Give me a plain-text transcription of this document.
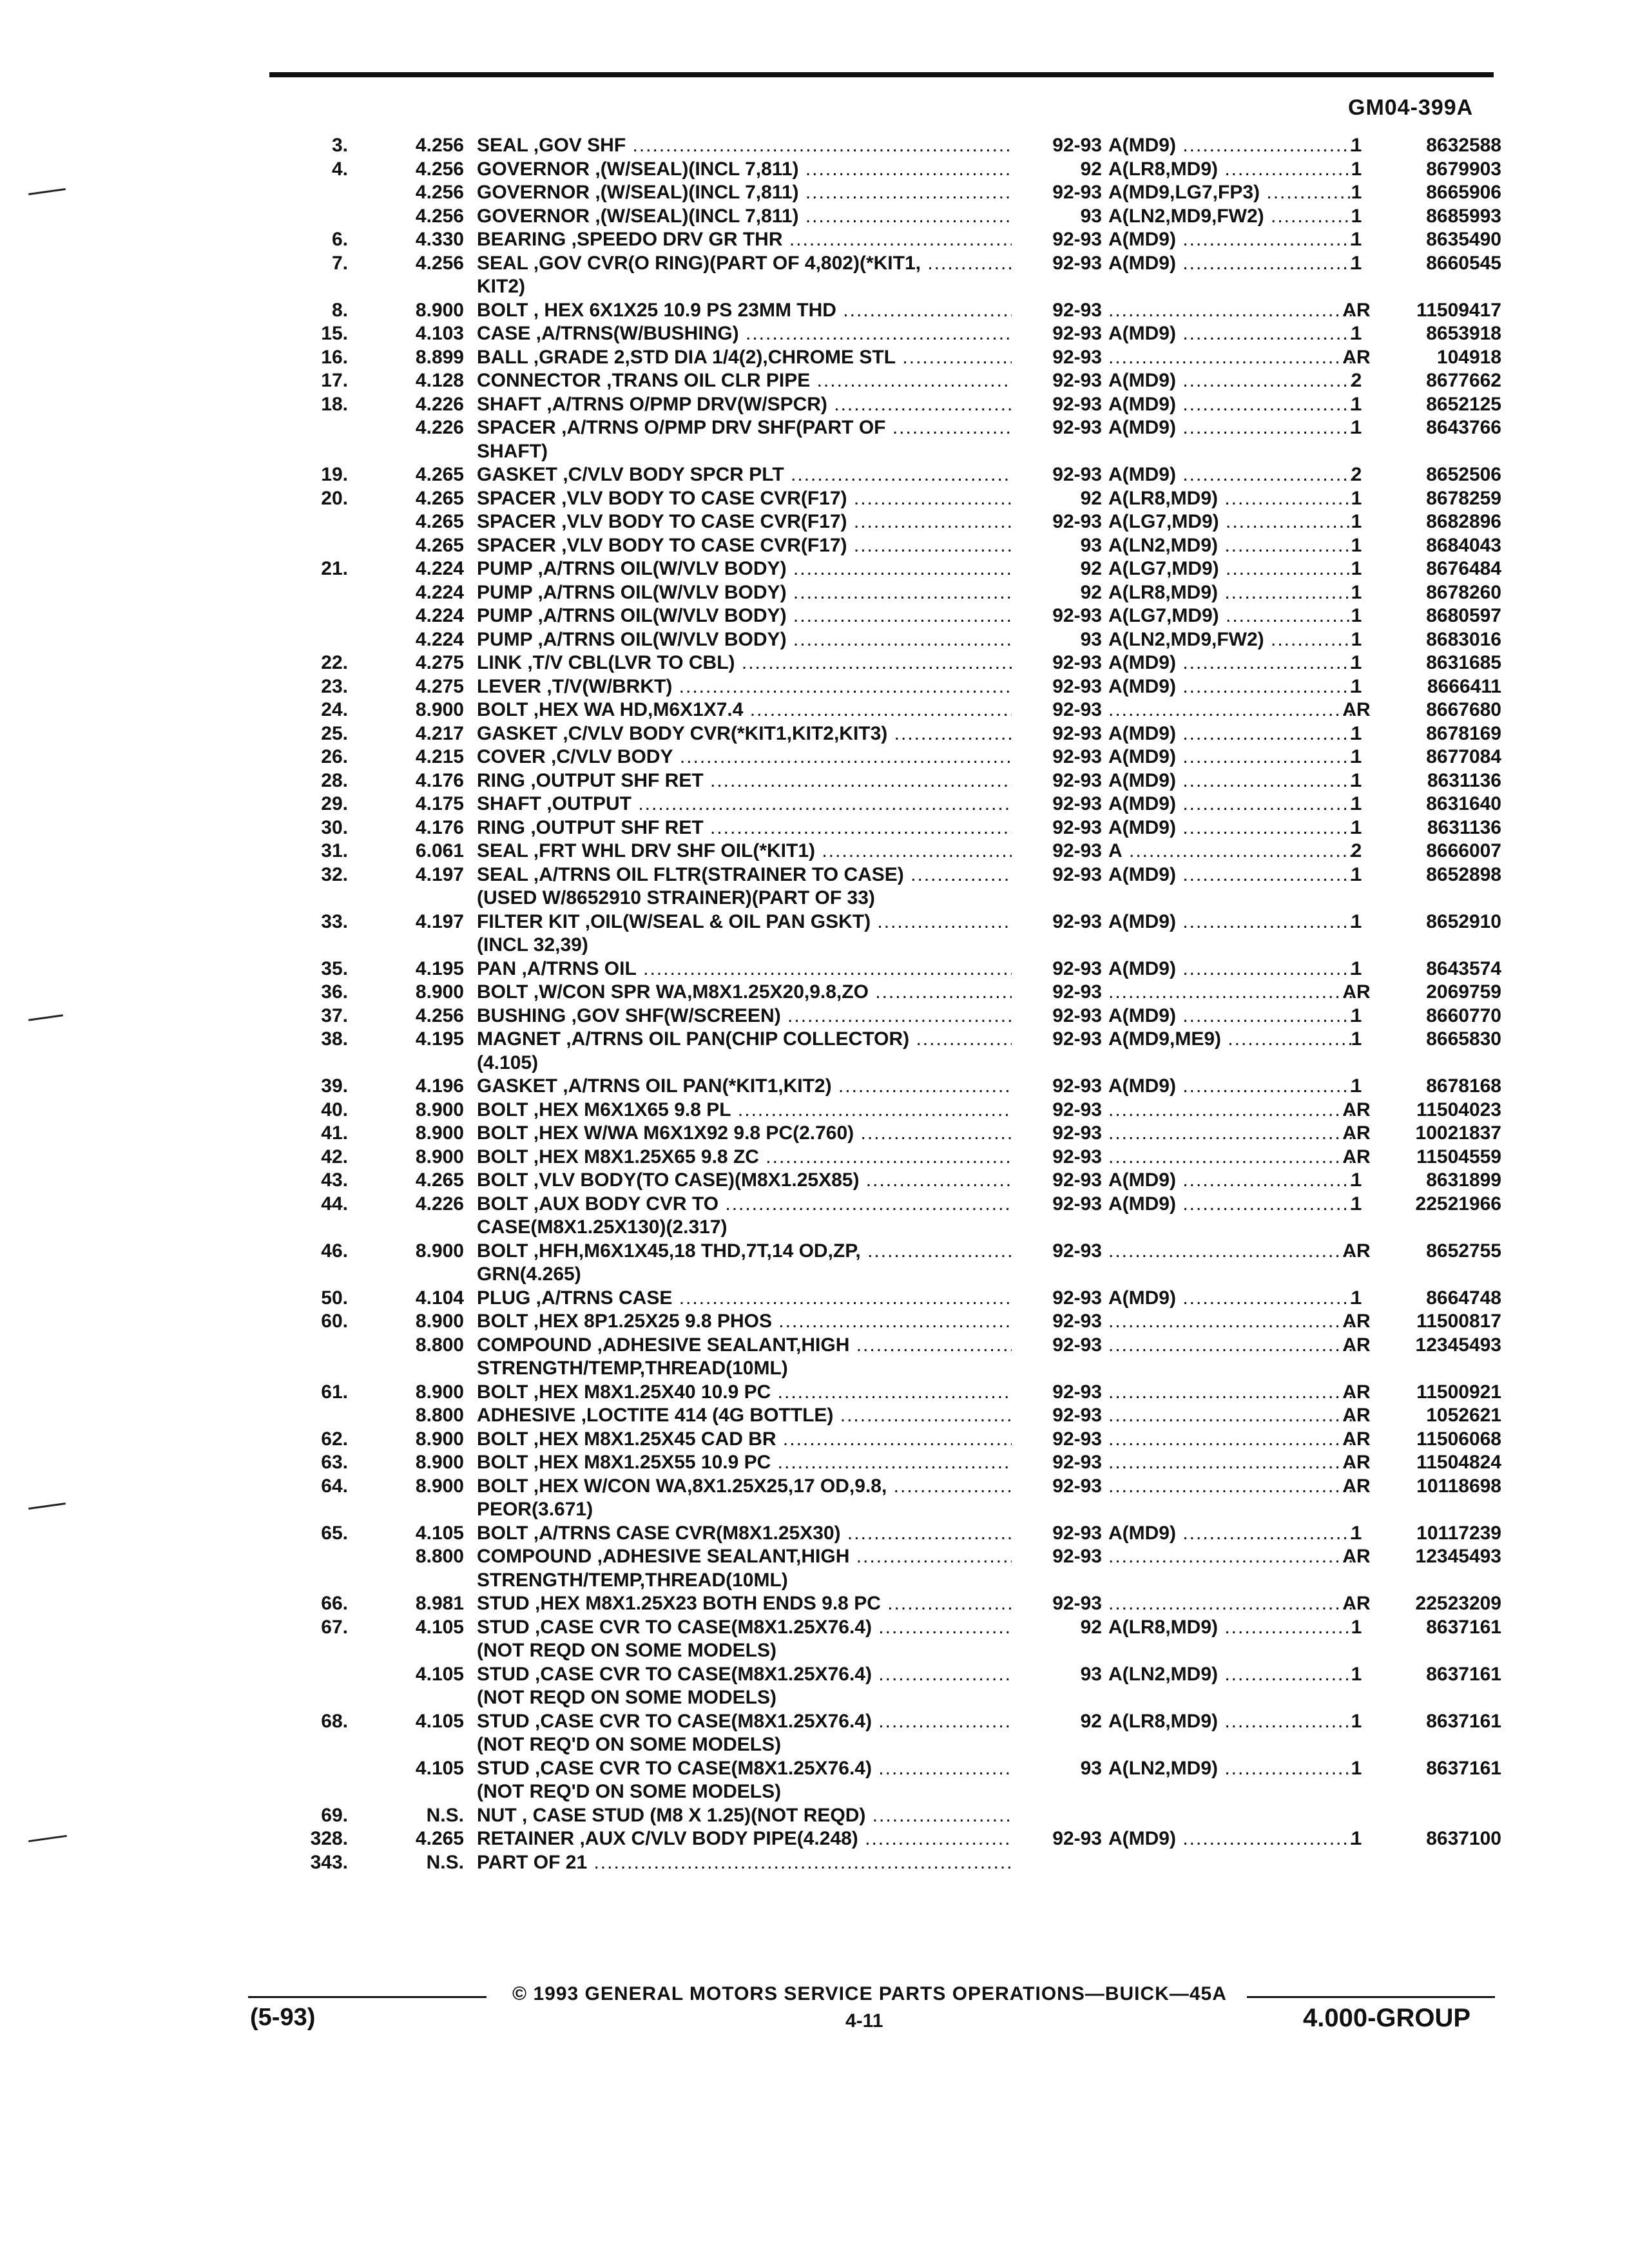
GM04-399A
3.	4.256 SEAL ,GOV SHF .....	92-93 A(MD9) .....	1	8632588
4.	4.256 GOVERNOR ,(W/SEAL)(INCL 7,811) .....	92 A(LR8,MD9) .....	1	8679903
4.256 GOVERNOR ,(W/SEAL)(INCL 7,811) .....	92-93 A(MD9,LG7,FP3) .....	1	8665906
4.256 GOVERNOR ,(W/SEAL)(INCL 7,811) .....	93 A(LN2,MD9,FW2) .....	1	8685993
6.	4.330 BEARING ,SPEEDO DRV GR THR .....	92-93 A(MD9) .....	1	8635490
7.	4.256 SEAL ,GOV CVR(O RING)(PART OF 4,802)(*KIT1, .....	92-93 A(MD9) .....	1	8660545
KIT2)
8.	8.900 BOLT , HEX 6X1X25 10.9 PS 23MM THD .....	92-93 .....	AR	11509417
15.	4.103 CASE ,A/TRNS(W/BUSHING) .....	92-93 A(MD9) .....	1	8653918
16.	8.899 BALL ,GRADE 2,STD DIA 1/4(2),CHROME STL .....	92-93 .....	AR	104918
17.	4.128 CONNECTOR ,TRANS OIL CLR PIPE .....	92-93 A(MD9) .....	2	8677662
18.	4.226 SHAFT ,A/TRNS O/PMP DRV(W/SPCR) .....	92-93 A(MD9) .....	1	8652125
4.226 SPACER ,A/TRNS O/PMP DRV SHF(PART OF .....	92-93 A(MD9) .....	1	8643766
SHAFT)
19.	4.265 GASKET ,C/VLV BODY SPCR PLT .....	92-93 A(MD9) .....	2	8652506
20.	4.265 SPACER ,VLV BODY TO CASE CVR(F17) .....	92 A(LR8,MD9) .....	1	8678259
4.265 SPACER ,VLV BODY TO CASE CVR(F17) .....	92-93 A(LG7,MD9) .....	1	8682896
4.265 SPACER ,VLV BODY TO CASE CVR(F17) .....	93 A(LN2,MD9) .....	1	8684043
21.	4.224 PUMP ,A/TRNS OIL(W/VLV BODY) .....	92 A(LG7,MD9) .....	1	8676484
4.224 PUMP ,A/TRNS OIL(W/VLV BODY) .....	92 A(LR8,MD9) .....	1	8678260
4.224 PUMP ,A/TRNS OIL(W/VLV BODY) .....	92-93 A(LG7,MD9) .....	1	8680597
4.224 PUMP ,A/TRNS OIL(W/VLV BODY) .....	93 A(LN2,MD9,FW2) .....	1	8683016
22.	4.275 LINK ,T/V CBL(LVR TO CBL) .....	92-93 A(MD9) .....	1	8631685
23.	4.275 LEVER ,T/V(W/BRKT) .....	92-93 A(MD9) .....	1	8666411
24.	8.900 BOLT ,HEX WA HD,M6X1X7.4 .....	92-93 .....	AR	8667680
25.	4.217 GASKET ,C/VLV BODY CVR(*KIT1,KIT2,KIT3) .....	92-93 A(MD9) .....	1	8678169
26.	4.215 COVER ,C/VLV BODY .....	92-93 A(MD9) .....	1	8677084
28.	4.176 RING ,OUTPUT SHF RET .....	92-93 A(MD9) .....	1	8631136
29.	4.175 SHAFT ,OUTPUT .....	92-93 A(MD9) .....	1	8631640
30.	4.176 RING ,OUTPUT SHF RET .....	92-93 A(MD9) .....	1	8631136
31.	6.061 SEAL ,FRT WHL DRV SHF OIL(*KIT1) .....	92-93 A .....	2	8666007
32.	4.197 SEAL ,A/TRNS OIL FLTR(STRAINER TO CASE) .....	92-93 A(MD9) .....	1	8652898
(USED W/8652910 STRAINER)(PART OF 33)
33.	4.197 FILTER KIT ,OIL(W/SEAL & OIL PAN GSKT) .....	92-93 A(MD9) .....	1	8652910
(INCL 32,39)
35.	4.195 PAN ,A/TRNS OIL .....	92-93 A(MD9) .....	1	8643574
36.	8.900 BOLT ,W/CON SPR WA,M8X1.25X20,9.8,ZO .....	92-93 .....	AR	2069759
37.	4.256 BUSHING ,GOV SHF(W/SCREEN) .....	92-93 A(MD9) .....	1	8660770
38.	4.195 MAGNET ,A/TRNS OIL PAN(CHIP COLLECTOR) .....	92-93 A(MD9,ME9) .....	1	8665830
(4.105)
39.	4.196 GASKET ,A/TRNS OIL PAN(*KIT1,KIT2) .....	92-93 A(MD9) .....	1	8678168
40.	8.900 BOLT ,HEX M6X1X65 9.8 PL .....	92-93 .....	AR	11504023
41.	8.900 BOLT ,HEX W/WA M6X1X92 9.8 PC(2.760) .....	92-93 .....	AR	10021837
42.	8.900 BOLT ,HEX M8X1.25X65 9.8 ZC .....	92-93 .....	AR	11504559
43.	4.265 BOLT ,VLV BODY(TO CASE)(M8X1.25X85) .....	92-93 A(MD9) .....	1	8631899
44.	4.226 BOLT ,AUX BODY CVR TO .....	92-93 A(MD9) .....	1	22521966
CASE(M8X1.25X130)(2.317)
46.	8.900 BOLT ,HFH,M6X1X45,18 THD,7T,14 OD,ZP, .....	92-93 .....	AR	8652755
GRN(4.265)
50.	4.104 PLUG ,A/TRNS CASE .....	92-93 A(MD9) .....	1	8664748
60.	8.900 BOLT ,HEX 8P1.25X25 9.8 PHOS .....	92-93 .....	AR	11500817
8.800 COMPOUND ,ADHESIVE SEALANT,HIGH .....	92-93 .....	AR	12345493
STRENGTH/TEMP,THREAD(10ML)
61.	8.900 BOLT ,HEX M8X1.25X40 10.9 PC .....	92-93 .....	AR	11500921
8.800 ADHESIVE ,LOCTITE 414 (4G BOTTLE) .....	92-93 .....	AR	1052621
62.	8.900 BOLT ,HEX M8X1.25X45 CAD BR .....	92-93 .....	AR	11506068
63.	8.900 BOLT ,HEX M8X1.25X55 10.9 PC .....	92-93 .....	AR	11504824
64.	8.900 BOLT ,HEX W/CON WA,8X1.25X25,17 OD,9.8, .....	92-93 .....	AR	10118698
PEOR(3.671)
65.	4.105 BOLT ,A/TRNS CASE CVR(M8X1.25X30) .....	92-93 A(MD9) .....	1	10117239
8.800 COMPOUND ,ADHESIVE SEALANT,HIGH .....	92-93 .....	AR	12345493
STRENGTH/TEMP,THREAD(10ML)
66.	8.981 STUD ,HEX M8X1.25X23 BOTH ENDS 9.8 PC .....	92-93 .....	AR	22523209
67.	4.105 STUD ,CASE CVR TO CASE(M8X1.25X76.4) .....	92 A(LR8,MD9) .....	1	8637161
(NOT REQD ON SOME MODELS)
4.105 STUD ,CASE CVR TO CASE(M8X1.25X76.4) .....	93 A(LN2,MD9) .....	1	8637161
(NOT REQD ON SOME MODELS)
68.	4.105 STUD ,CASE CVR TO CASE(M8X1.25X76.4) .....	92 A(LR8,MD9) .....	1	8637161
(NOT REQ'D ON SOME MODELS)
4.105 STUD ,CASE CVR TO CASE(M8X1.25X76.4) .....	93 A(LN2,MD9) .....	1	8637161
(NOT REQ'D ON SOME MODELS)
69.	N.S. NUT , CASE STUD (M8 X 1.25)(NOT REQD) .....
328.	4.265 RETAINER ,AUX C/VLV BODY PIPE(4.248) .....	92-93 A(MD9) .....	1	8637100
343.	N.S. PART OF 21 .....
© 1993 GENERAL MOTORS SERVICE PARTS OPERATIONS—BUICK—45A
(5-93)	4-11	4.000-GROUP
